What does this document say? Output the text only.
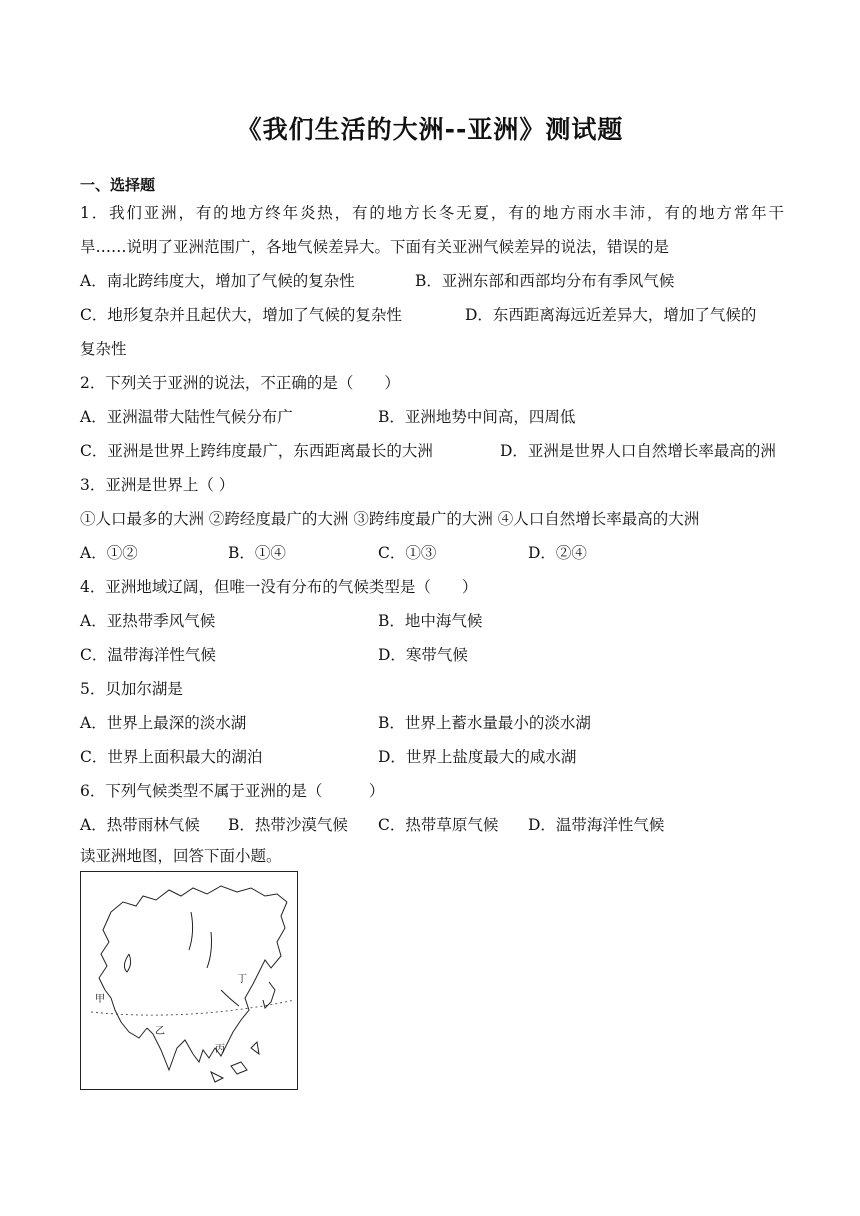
《我们生活的大洲--亚洲》测试题
一、选择题
1．我们亚洲，有的地方终年炎热，有的地方长冬无夏，有的地方雨水丰沛，有的地方常年干
旱……说明了亚洲范围广，各地气候差异大。下面有关亚洲气候差异的说法，错误的是
A．南北跨纬度大，增加了气候的复杂性	B．亚洲东部和西部均分布有季风气候
C．地形复杂并且起伏大，增加了气候的复杂性	D．东西距离海远近差异大，增加了气候的
复杂性
2．下列关于亚洲的说法，不正确的是（　　）
A．亚洲温带大陆性气候分布广	B．亚洲地势中间高，四周低
C．亚洲是世界上跨纬度最广，东西距离最长的大洲	D．亚洲是世界人口自然增长率最高的洲
3．亚洲是世界上（ ）
①人口最多的大洲 ②跨经度最广的大洲 ③跨纬度最广的大洲 ④人口自然增长率最高的大洲
A．①②	B．①④	C．①③	D．②④
4．亚洲地域辽阔，但唯一没有分布的气候类型是（　　）
A．亚热带季风气候	B．地中海气候
C．温带海洋性气候	D．寒带气候
5．贝加尔湖是
A．世界上最深的淡水湖	B．世界上蓄水量最小的淡水湖
C．世界上面积最大的湖泊	D．世界上盐度最大的咸水湖
6．下列气候类型不属于亚洲的是（　　　）
A．热带雨林气候 B．热带沙漠气候 C．热带草原气候 D．温带海洋性气候
读亚洲地图，回答下面小题。
甲
乙
丙
丁
